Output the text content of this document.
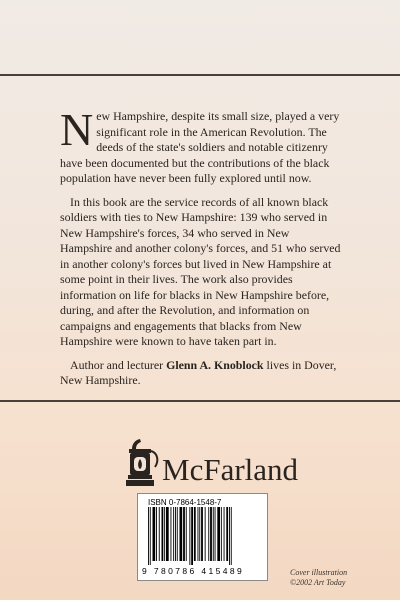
New Hampshire, despite its small size, played a very significant role in the American Revolution. The deeds of the state's soldiers and notable citizenry have been documented but the contributions of the black population have never been fully explored until now.

In this book are the service records of all known black soldiers with ties to New Hampshire: 139 who served in New Hampshire's forces, 34 who served in New Hampshire and another colony's forces, and 51 who served in another colony's forces but lived in New Hampshire at some point in their lives. The work also provides information on life for blacks in New Hampshire before, during, and after the Revolution, and information on campaigns and engagements that blacks from New Hampshire were known to have taken part in.

Author and lecturer Glenn A. Knoblock lives in Dover, New Hampshire.

McFarland
ISBN 0-7864-1548-7
9 780786 415489	Cover illustration
©2002 Art Today
